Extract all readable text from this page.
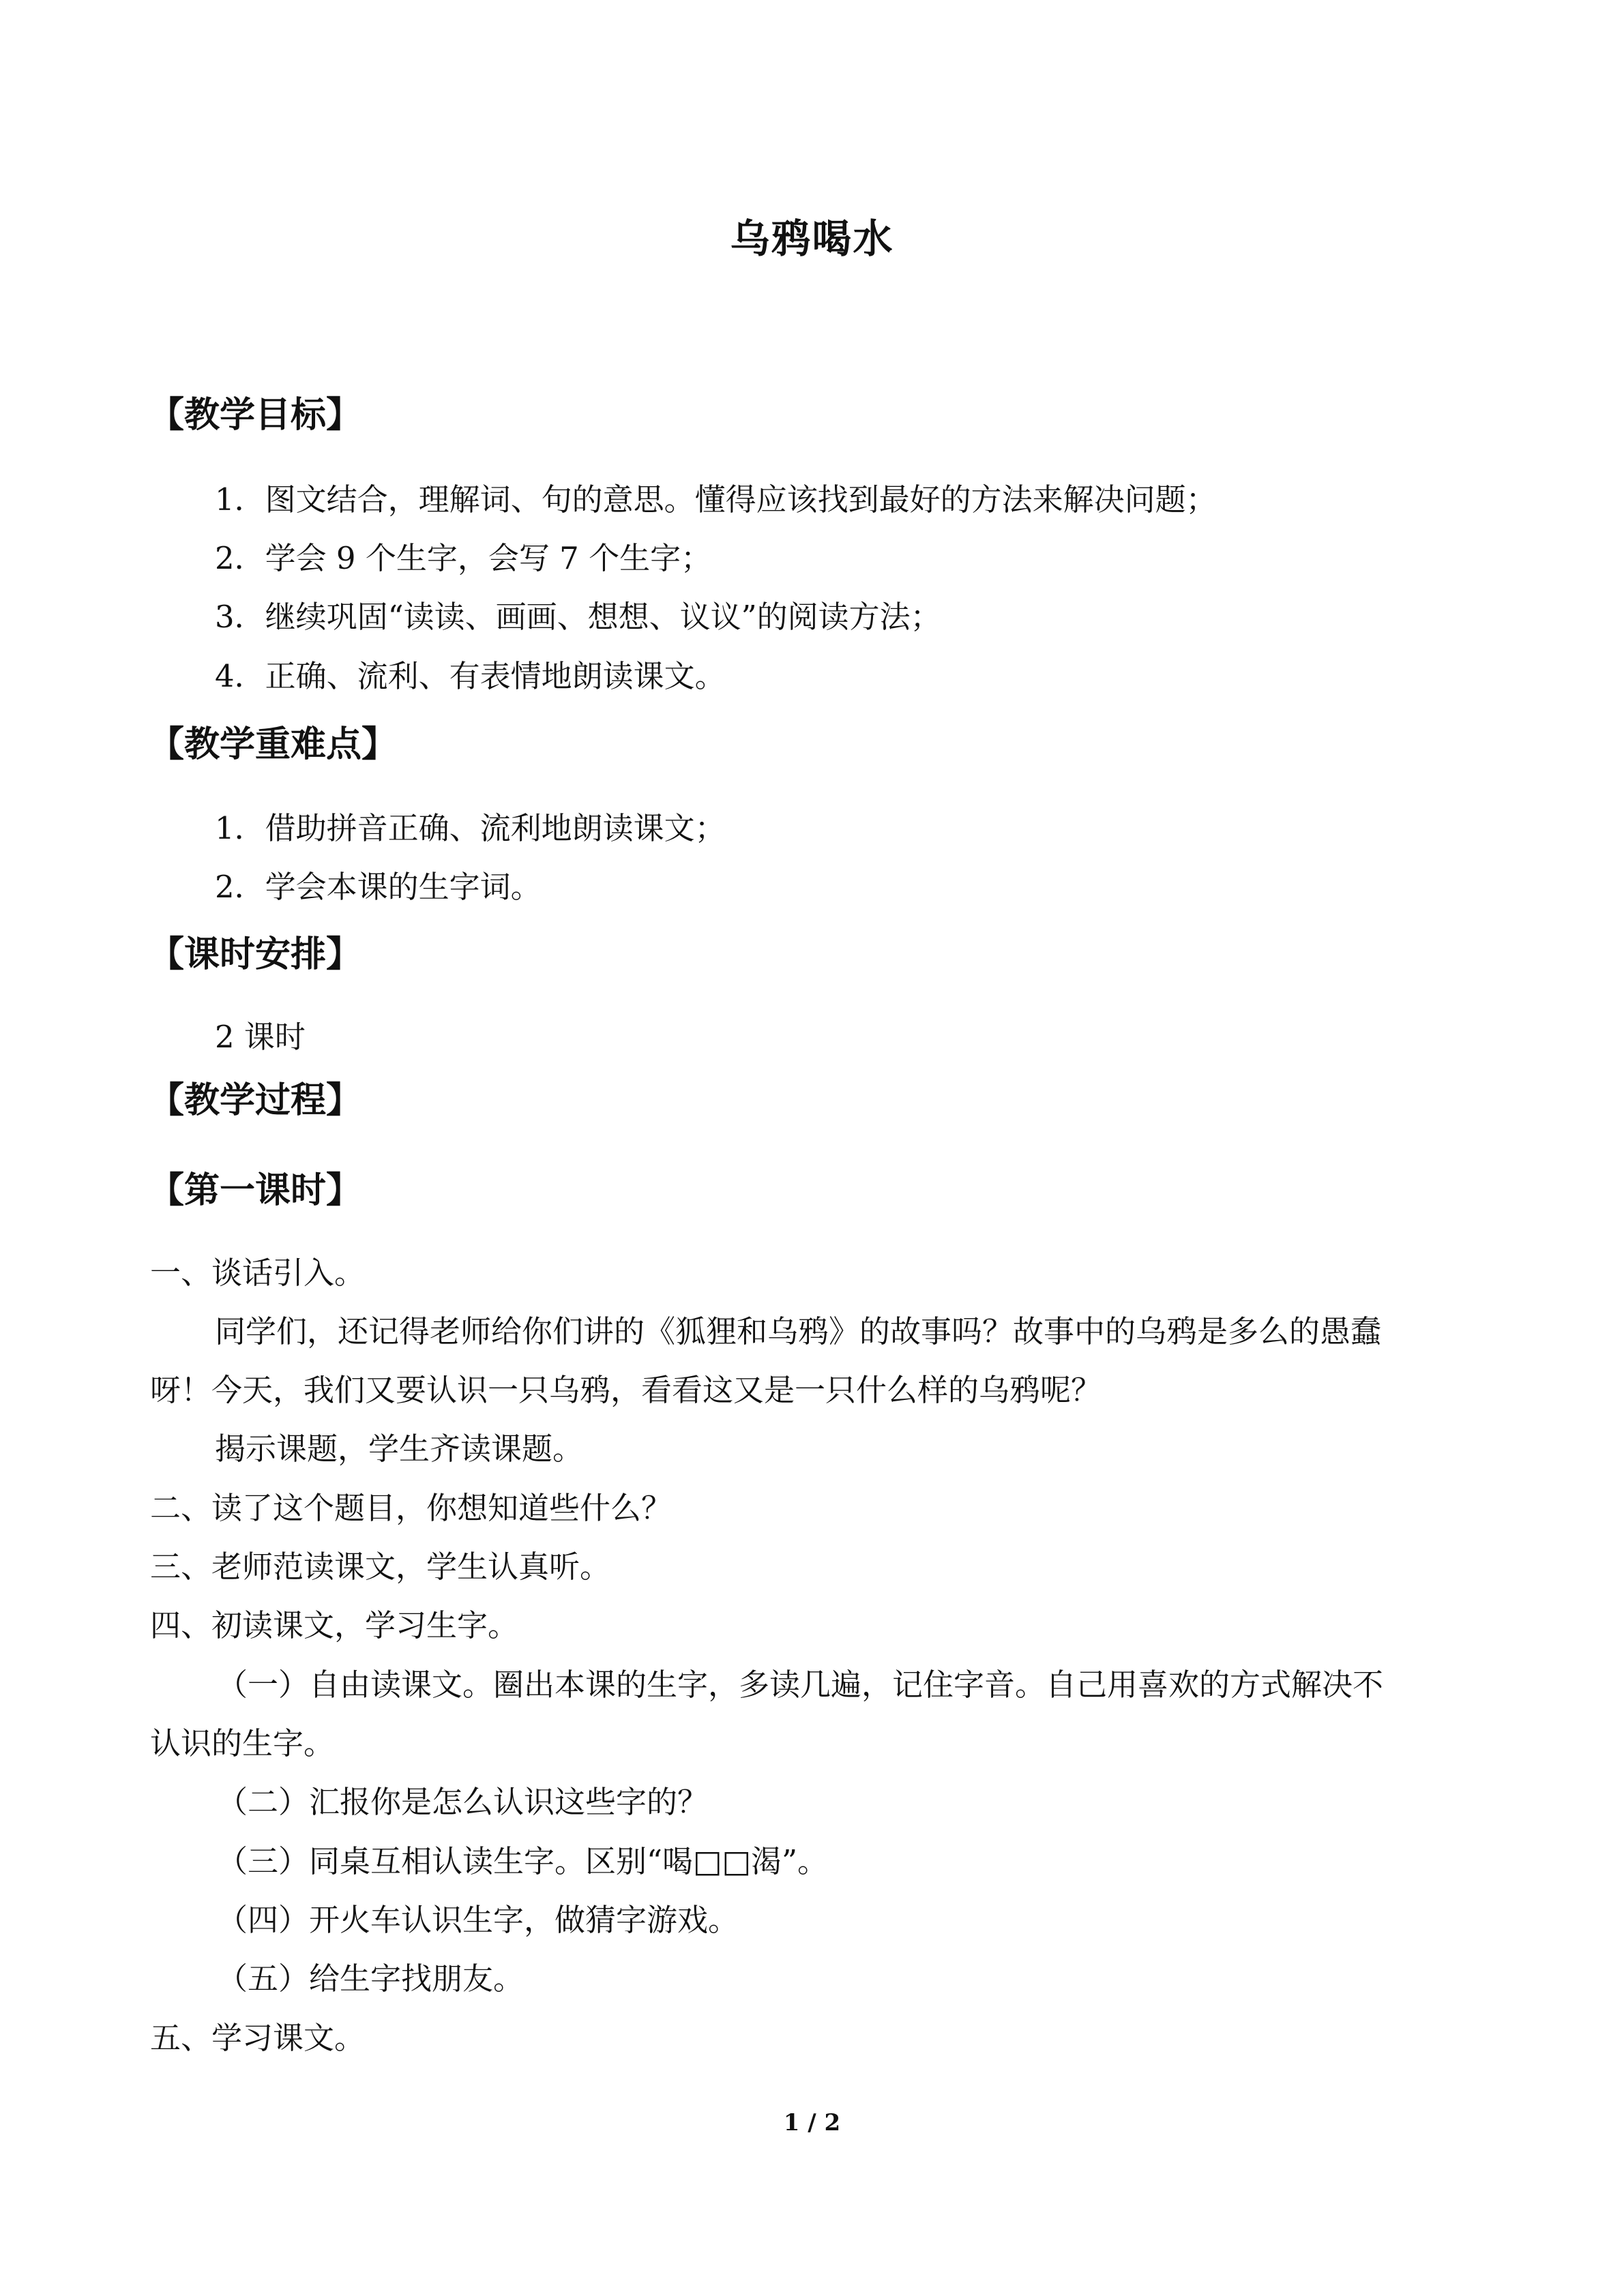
乌鸦喝水
【教学目标】
1．图文结合，理解词、句的意思。懂得应该找到最好的方法来解决问题；
2．学会 9 个生字，会写 7 个生字；
3．继续巩固“读读、画画、想想、议议”的阅读方法；
4．正确、流利、有表情地朗读课文。
【教学重难点】
1．借助拼音正确、流利地朗读课文；
2．学会本课的生字词。
【课时安排】
2 课时
【教学过程】
【第一课时】
一、谈话引入。
同学们，还记得老师给你们讲的《狐狸和乌鸦》的故事吗？故事中的乌鸦是多么的愚蠢
呀！今天，我们又要认识一只乌鸦，看看这又是一只什么样的乌鸦呢？
揭示课题，学生齐读课题。
二、读了这个题目，你想知道些什么？
三、老师范读课文，学生认真听。
四、初读课文，学习生字。
（一）自由读课文。圈出本课的生字，多读几遍，记住字音。自己用喜欢的方式解决不
认识的生字。
（二）汇报你是怎么认识这些字的？
（三）同桌互相认读生字。区别“喝□□渴”。
（四）开火车认识生字，做猜字游戏。
（五）给生字找朋友。
五、学习课文。
1 / 2
